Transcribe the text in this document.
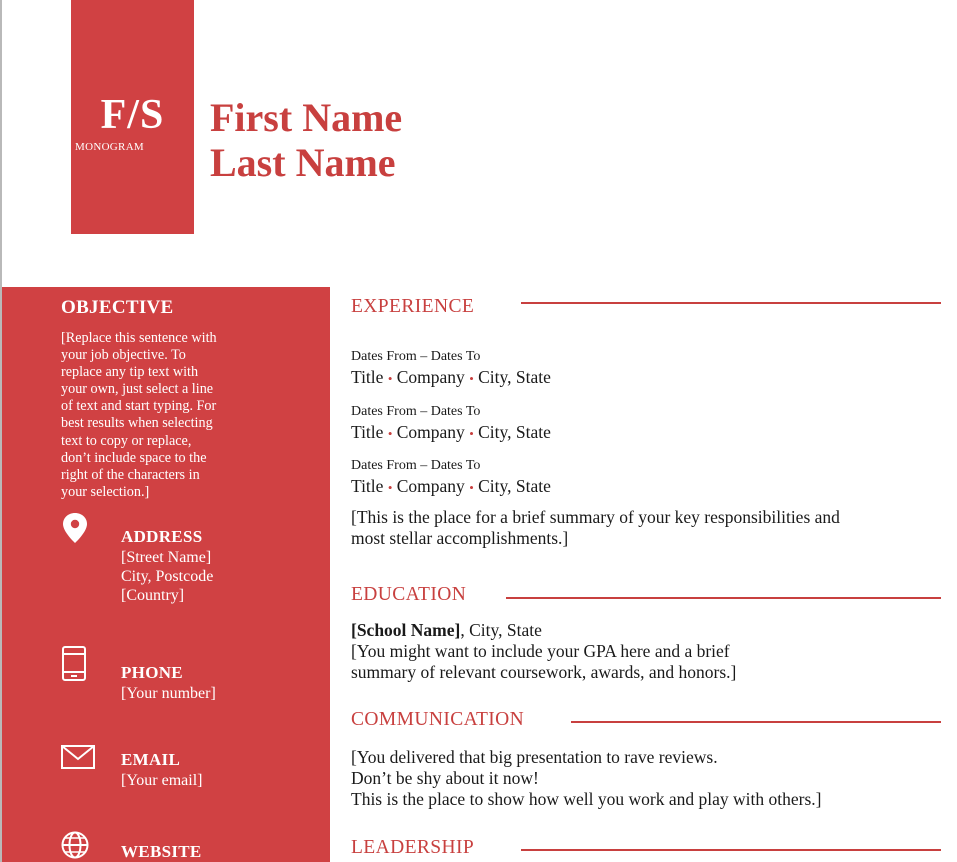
F/S
MONOGRAM
First Name
Last Name
OBJECTIVE
[Replace this sentence with
your job objective. To
replace any tip text with
your own, just select a line
of text and start typing. For
best results when selecting
text to copy or replace,
don’t include space to the
right of the characters in
your selection.]
ADDRESS
[Street Name]
City, Postcode
[Country]
PHONE
[Your number]
EMAIL
[Your email]
WEBSITE
EXPERIENCE
Dates From – Dates To
Title • Company • City, State
Dates From – Dates To
Title • Company • City, State
Dates From – Dates To
Title • Company • City, State
[This is the place for a brief summary of your key responsibilities and
most stellar accomplishments.]
EDUCATION
[School Name], City, State
[You might want to include your GPA here and a brief
summary of relevant coursework, awards, and honors.]
COMMUNICATION
[You delivered that big presentation to rave reviews.
Don’t be shy about it now!
This is the place to show how well you work and play with others.]
LEADERSHIP
